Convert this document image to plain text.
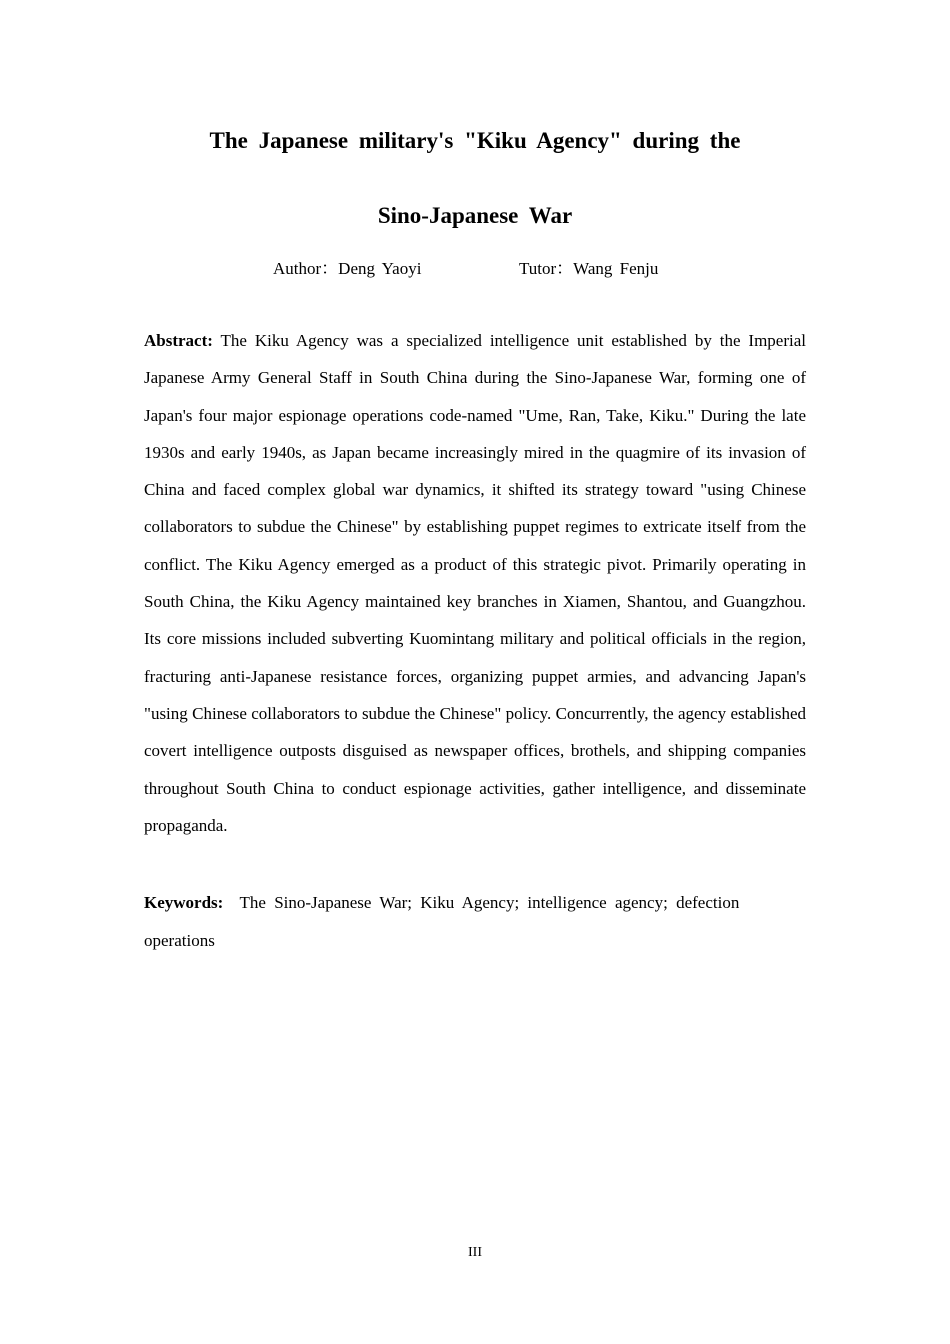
The Japanese military's "Kiku Agency" during the
Sino-Japanese War
Author：Deng Yaoyi	Tutor：Wang Fenju

Abstract: The Kiku Agency was a specialized intelligence unit established by the Imperial Japanese Army General Staff in South China during the Sino-Japanese War, forming one of Japan's four major espionage operations code-named "Ume, Ran, Take, Kiku." During the late 1930s and early 1940s, as Japan became increasingly mired in the quagmire of its invasion of China and faced complex global war dynamics, it shifted its strategy toward "using Chinese collaborators to subdue the Chinese" by establishing puppet regimes to extricate itself from the conflict. The Kiku Agency emerged as a product of this strategic pivot. Primarily operating in South China, the Kiku Agency maintained key branches in Xiamen, Shantou, and Guangzhou. Its core missions included subverting Kuomintang military and political officials in the region, fracturing anti-Japanese resistance forces, organizing puppet armies, and advancing Japan's "using Chinese collaborators to subdue the Chinese" policy. Concurrently, the agency established covert intelligence outposts disguised as newspaper offices, brothels, and shipping companies throughout South China to conduct espionage activities, gather intelligence, and disseminate propaganda.

Keywords: The Sino-Japanese War; Kiku Agency; intelligence agency; defection operations

III
